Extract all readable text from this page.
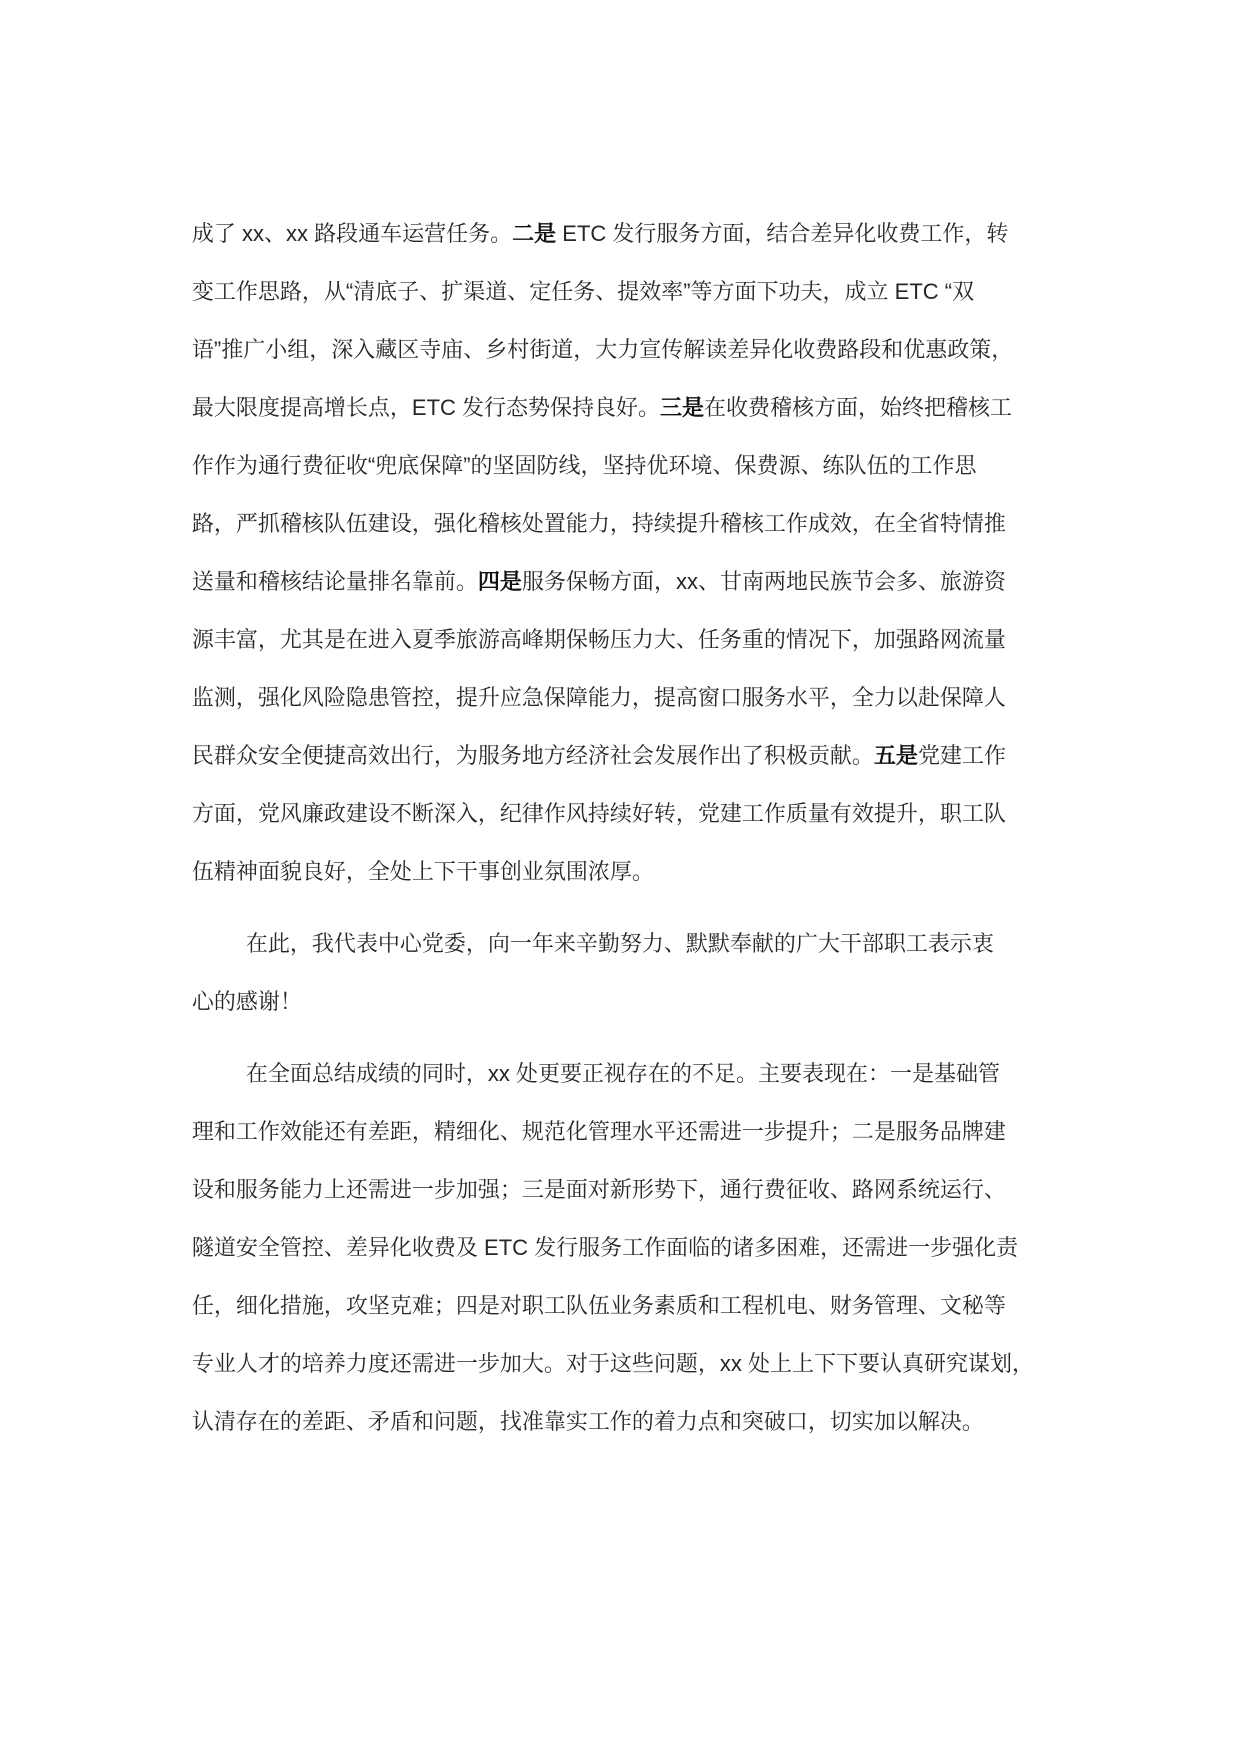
成了 xx、xx 路段通车运营任务。二是 ETC 发行服务方面，结合差异化收费工作，转

变工作思路，从“清底子、扩渠道、定任务、提效率”等方面下功夫，成立 ETC “双

语”推广小组，深入藏区寺庙、乡村街道，大力宣传解读差异化收费路段和优惠政策，

最大限度提高增长点，ETC 发行态势保持良好。三是在收费稽核方面，始终把稽核工

作作为通行费征收“兜底保障”的坚固防线，坚持优环境、保费源、练队伍的工作思

路，严抓稽核队伍建设，强化稽核处置能力，持续提升稽核工作成效，在全省特情推

送量和稽核结论量排名靠前。四是服务保畅方面，xx、甘南两地民族节会多、旅游资

源丰富，尤其是在进入夏季旅游高峰期保畅压力大、任务重的情况下，加强路网流量

监测，强化风险隐患管控，提升应急保障能力，提高窗口服务水平，全力以赴保障人

民群众安全便捷高效出行，为服务地方经济社会发展作出了积极贡献。五是党建工作

方面，党风廉政建设不断深入，纪律作风持续好转，党建工作质量有效提升，职工队

伍精神面貌良好，全处上下干事创业氛围浓厚。

在此，我代表中心党委，向一年来辛勤努力、默默奉献的广大干部职工表示衷

心的感谢！

在全面总结成绩的同时，xx 处更要正视存在的不足。主要表现在：一是基础管

理和工作效能还有差距，精细化、规范化管理水平还需进一步提升；二是服务品牌建

设和服务能力上还需进一步加强；三是面对新形势下，通行费征收、路网系统运行、

隧道安全管控、差异化收费及 ETC 发行服务工作面临的诸多困难，还需进一步强化责

任，细化措施，攻坚克难；四是对职工队伍业务素质和工程机电、财务管理、文秘等

专业人才的培养力度还需进一步加大。对于这些问题，xx 处上上下下要认真研究谋划，

认清存在的差距、矛盾和问题，找准靠实工作的着力点和突破口，切实加以解决。
